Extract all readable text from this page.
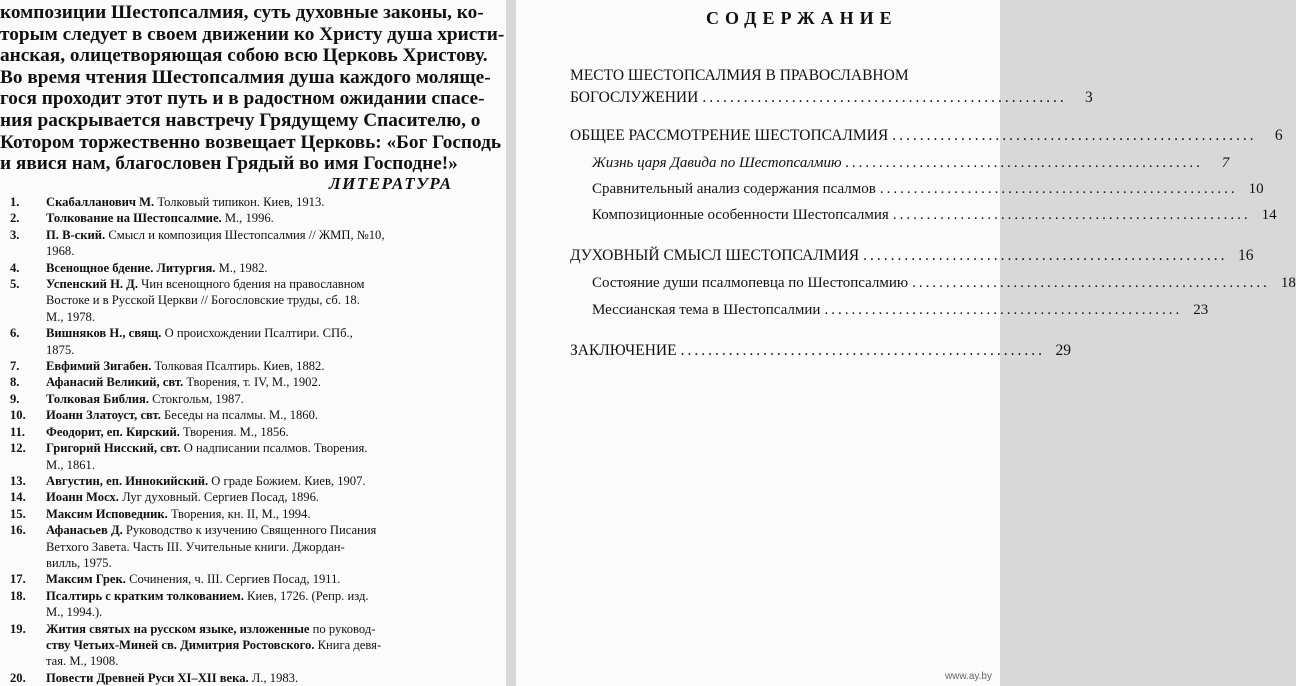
композиции Шестопсалмия, суть духовные законы, ко-
торым следует в своем движении ко Христу душа христи-
анская, олицетворяющая собою всю Церковь Христову.
Во время чтения Шестопсалмия душа каждого моляще-
гося проходит этот путь и в радостном ожидании спасе-
ния раскрывается навстречу Грядущему Спасителю, о
Котором торжественно возвещает Церковь: «Бог Господь
и явися нам, благословен Грядый во имя Господне!»
ЛИТЕРАТУРА
1.	Скабалланович М. Толковый типикон. Киев, 1913.
2.	Толкование на Шестопсалмие. М., 1996.
3.	П. В-ский. Смысл и композиция Шестопсалмия // ЖМП, №10,
1968.
4.	Всенощное бдение. Литургия. М., 1982.
5.	Успенский Н. Д. Чин всенощного бдения на православном
Востоке и в Русской Церкви // Богословские труды, сб. 18.
М., 1978.
6.	Вишняков Н., свящ. О происхождении Псалтири. СПб.,
1875.
7.	Евфимий Зигабен. Толковая Псалтирь. Киев, 1882.
8.	Афанасий Великий, свт. Творения, т. IV, М., 1902.
9.	Толковая Библия. Стокгольм, 1987.
10.	Иоанн Златоуст, свт. Беседы на псалмы. М., 1860.
11.	Феодорит, еп. Кирский. Творения. М., 1856.
12.	Григорий Нисский, свт. О надписании псалмов. Творения.
М., 1861.
13.	Августин, еп. Иннокийский. О граде Божием. Киев, 1907.
14.	Иоанн Мосх. Луг духовный. Сергиев Посад, 1896.
15.	Максим Исповедник. Творения, кн. II, М., 1994.
16.	Афанасьев Д. Руководство к изучению Священного Писания
Ветхого Завета. Часть III. Учительные книги. Джордан-
вилль, 1975.
17.	Максим Грек. Сочинения, ч. III. Сергиев Посад, 1911.
18.	Псалтирь с кратким толкованием. Киев, 1726. (Репр. изд.
М., 1994.).
19.	Жития святых на русском языке, изложенные по руковод-
ству Четьих-Миней св. Димитрия Ростовского. Книга девя-
тая. М., 1908.
20.	Повести Древней Руси XI–XII века. Л., 1983.
СОДЕРЖАНИЕ
МЕСТО ШЕСТОПСАЛМИЯ В ПРАВОСЛАВНОМ
БОГОСЛУЖЕНИИ .....................................................	3
ОБЩЕЕ РАССМОТРЕНИЕ ШЕСТОПСАЛМИЯ .....................................................	6
Жизнь царя Давида по Шестопсалмию .....................................................	7
Сравнительный анализ содержания псалмов ..................................................... 10
Композиционные особенности Шестопсалмия ..................................................... 14
ДУХОВНЫЙ СМЫСЛ ШЕСТОПСАЛМИЯ ..................................................... 16
Состояние души псалмопевца по Шестопсалмию ..................................................... 18
Мессианская тема в Шестопсалмии ..................................................... 23
ЗАКЛЮЧЕНИЕ ..................................................... 29
www.ay.by
